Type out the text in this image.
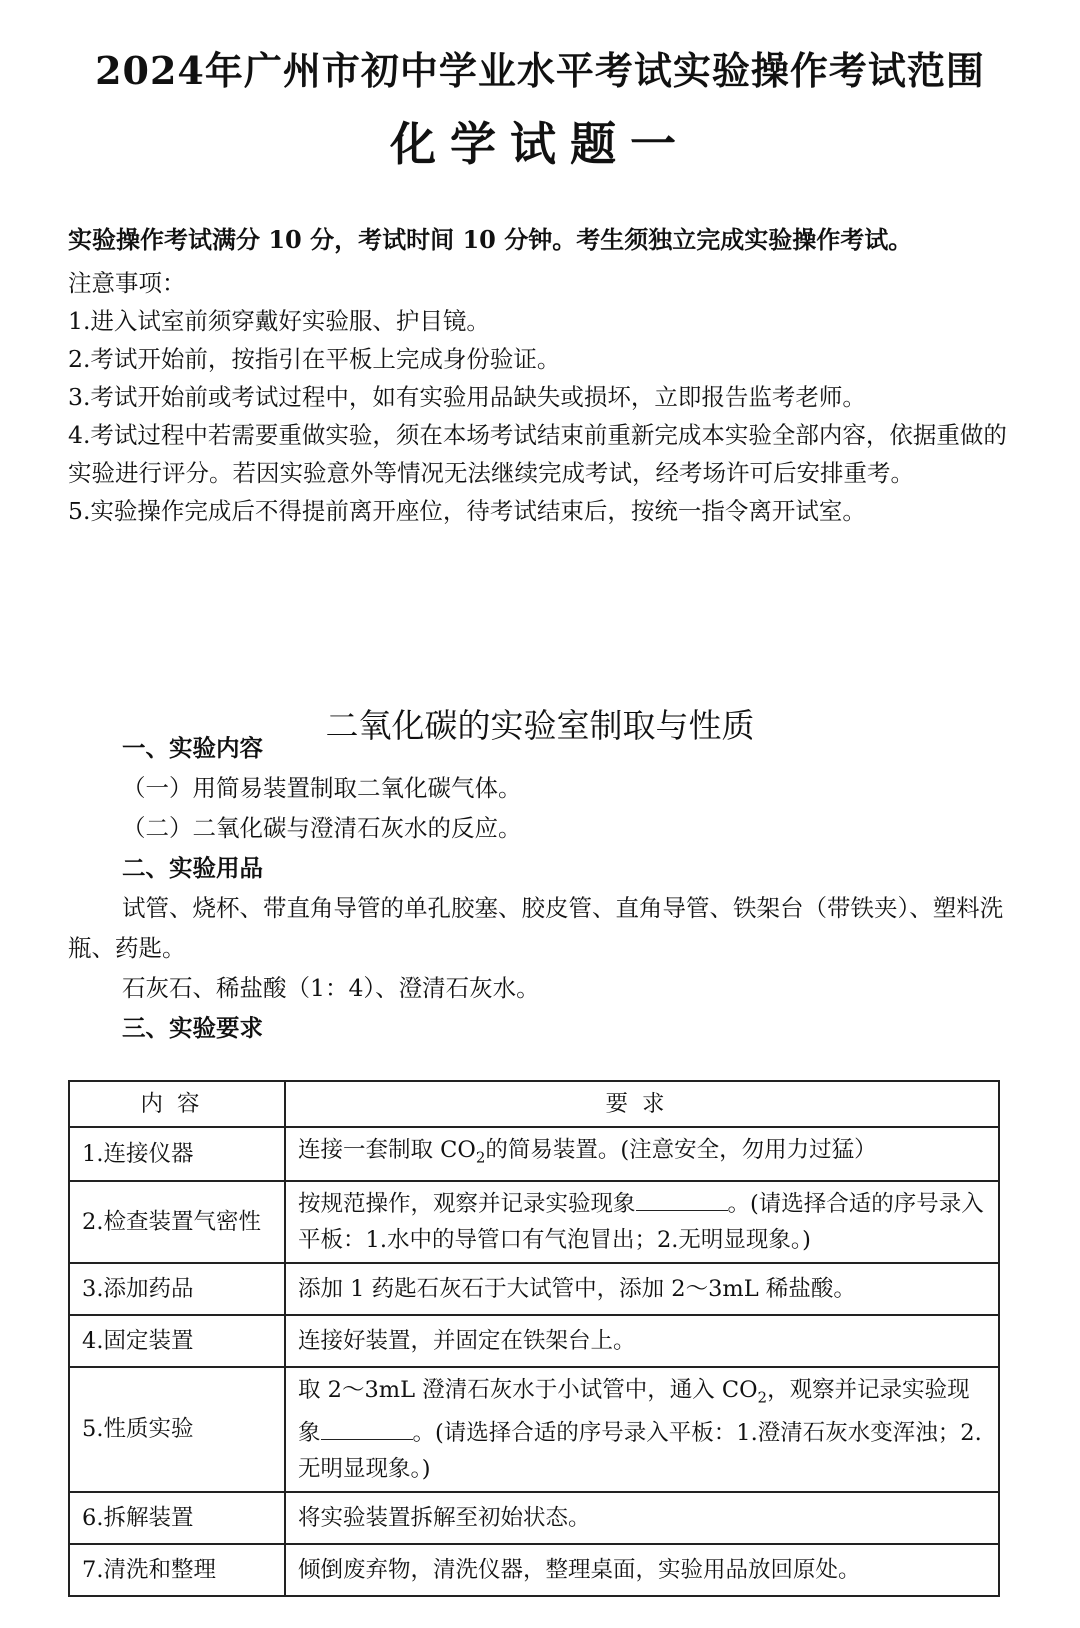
2024年广州市初中学业水平考试实验操作考试范围
化学试题一
实验操作考试满分 10 分，考试时间 10 分钟。考生须独立完成实验操作考试。
注意事项：
1.进入试室前须穿戴好实验服、护目镜。
2.考试开始前，按指引在平板上完成身份验证。
3.考试开始前或考试过程中，如有实验用品缺失或损坏，立即报告监考老师。
4.考试过程中若需要重做实验，须在本场考试结束前重新完成本实验全部内容，依据重做的实验进行评分。若因实验意外等情况无法继续完成考试，经考场许可后安排重考。
5.实验操作完成后不得提前离开座位，待考试结束后，按统一指令离开试室。
二氧化碳的实验室制取与性质
一、实验内容
（一）用简易装置制取二氧化碳气体。
（二）二氧化碳与澄清石灰水的反应。
二、实验用品
试管、烧杯、带直角导管的单孔胶塞、胶皮管、直角导管、铁架台（带铁夹）、塑料洗瓶、药匙。
石灰石、稀盐酸（1：4）、澄清石灰水。
三、实验要求
内容	要求
1.连接仪器	连接一套制取 $CO_2$的简易装置。(注意安全，勿用力过猛）
2.检查装置气密性	按规范操作，观察并记录实验现象 。(请选择合适的序号录入平板：1.水中的导管口有气泡冒出；2.无明显现象。)
3.添加药品	添加 1 药匙石灰石于大试管中，添加 2～3mL 稀盐酸。
4.固定装置	连接好装置，并固定在铁架台上。
5.性质实验	取 2～3mL 澄清石灰水于小试管中，通入 $CO_2$，观察并记录实验现象 。(请选择合适的序号录入平板：1.澄清石灰水变浑浊；2.无明显现象。)
6.拆解装置	将实验装置拆解至初始状态。
7.清洗和整理	倾倒废弃物，清洗仪器，整理桌面，实验用品放回原处。
